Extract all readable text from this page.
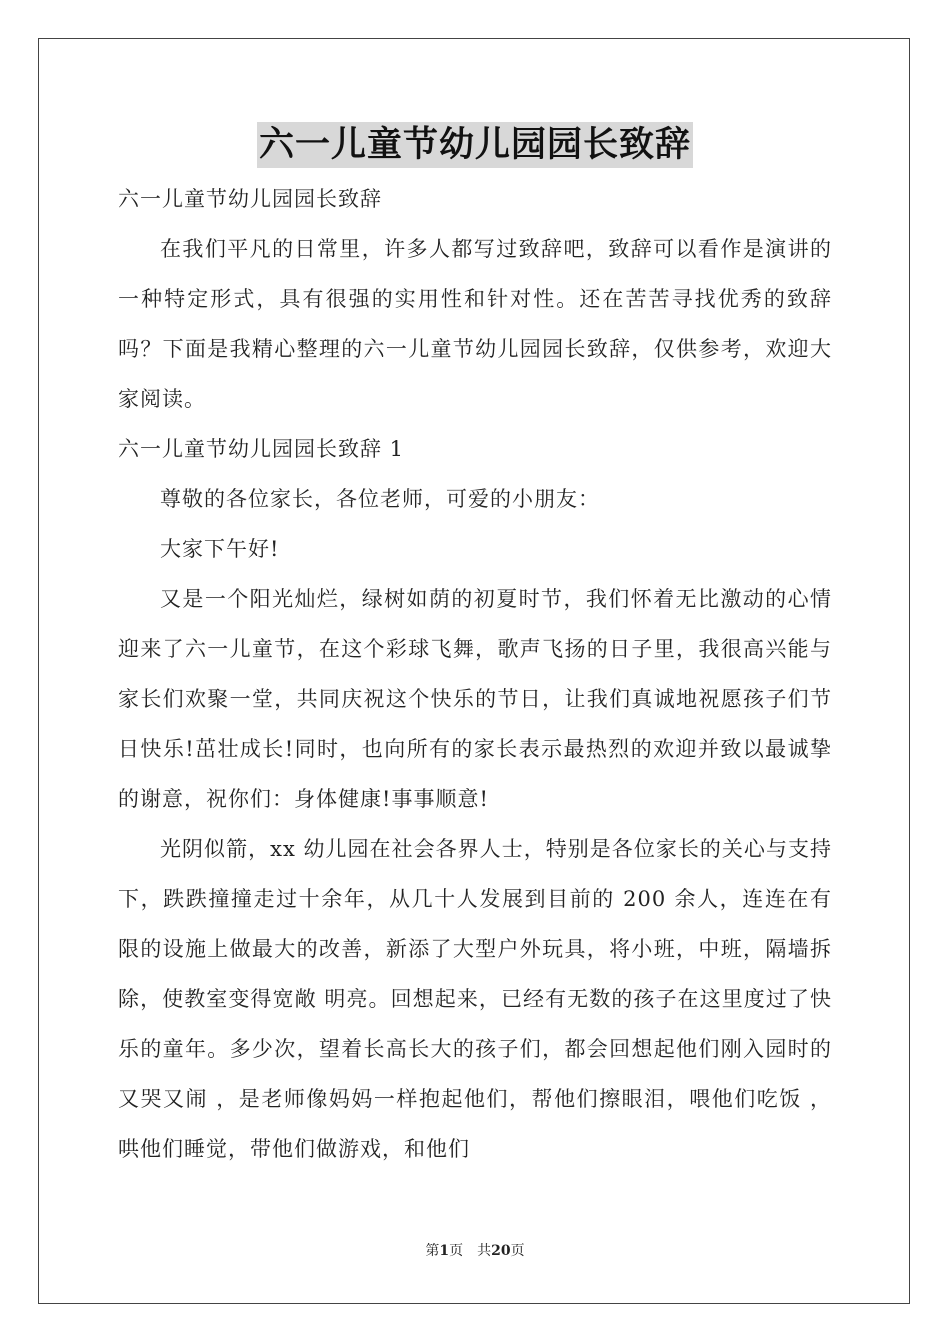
六一儿童节幼儿园园长致辞

六一儿童节幼儿园园长致辞

在我们平凡的日常里，许多人都写过致辞吧，致辞可以看作是演讲的一种特定形式，具有很强的实用性和针对性。还在苦苦寻找优秀的致辞吗？下面是我精心整理的六一儿童节幼儿园园长致辞，仅供参考，欢迎大家阅读。

六一儿童节幼儿园园长致辞 1

尊敬的各位家长，各位老师，可爱的小朋友：

大家下午好!

又是一个阳光灿烂，绿树如荫的初夏时节，我们怀着无比激动的心情迎来了六一儿童节，在这个彩球飞舞，歌声飞扬的日子里，我很高兴能与家长们欢聚一堂，共同庆祝这个快乐的节日，让我们真诚地祝愿孩子们节日快乐!茁壮成长!同时，也向所有的家长表示最热烈的欢迎并致以最诚挚的谢意，祝你们：身体健康!事事顺意!

光阴似箭，xx 幼儿园在社会各界人士，特别是各位家长的关心与支持下，跌跌撞撞走过十余年，从几十人发展到目前的 200 余人，连连在有限的设施上做最大的改善，新添了大型户外玩具，将小班，中班，隔墙拆除，使教室变得宽敞 明亮。回想起来，已经有无数的孩子在这里度过了快乐的童年。多少次，望着长高长大的孩子们，都会回想起他们刚入园时的又哭又闹 ，是老师像妈妈一样抱起他们，帮他们擦眼泪，喂他们吃饭 ，哄他们睡觉，带他们做游戏，和他们

第1页　共20页
